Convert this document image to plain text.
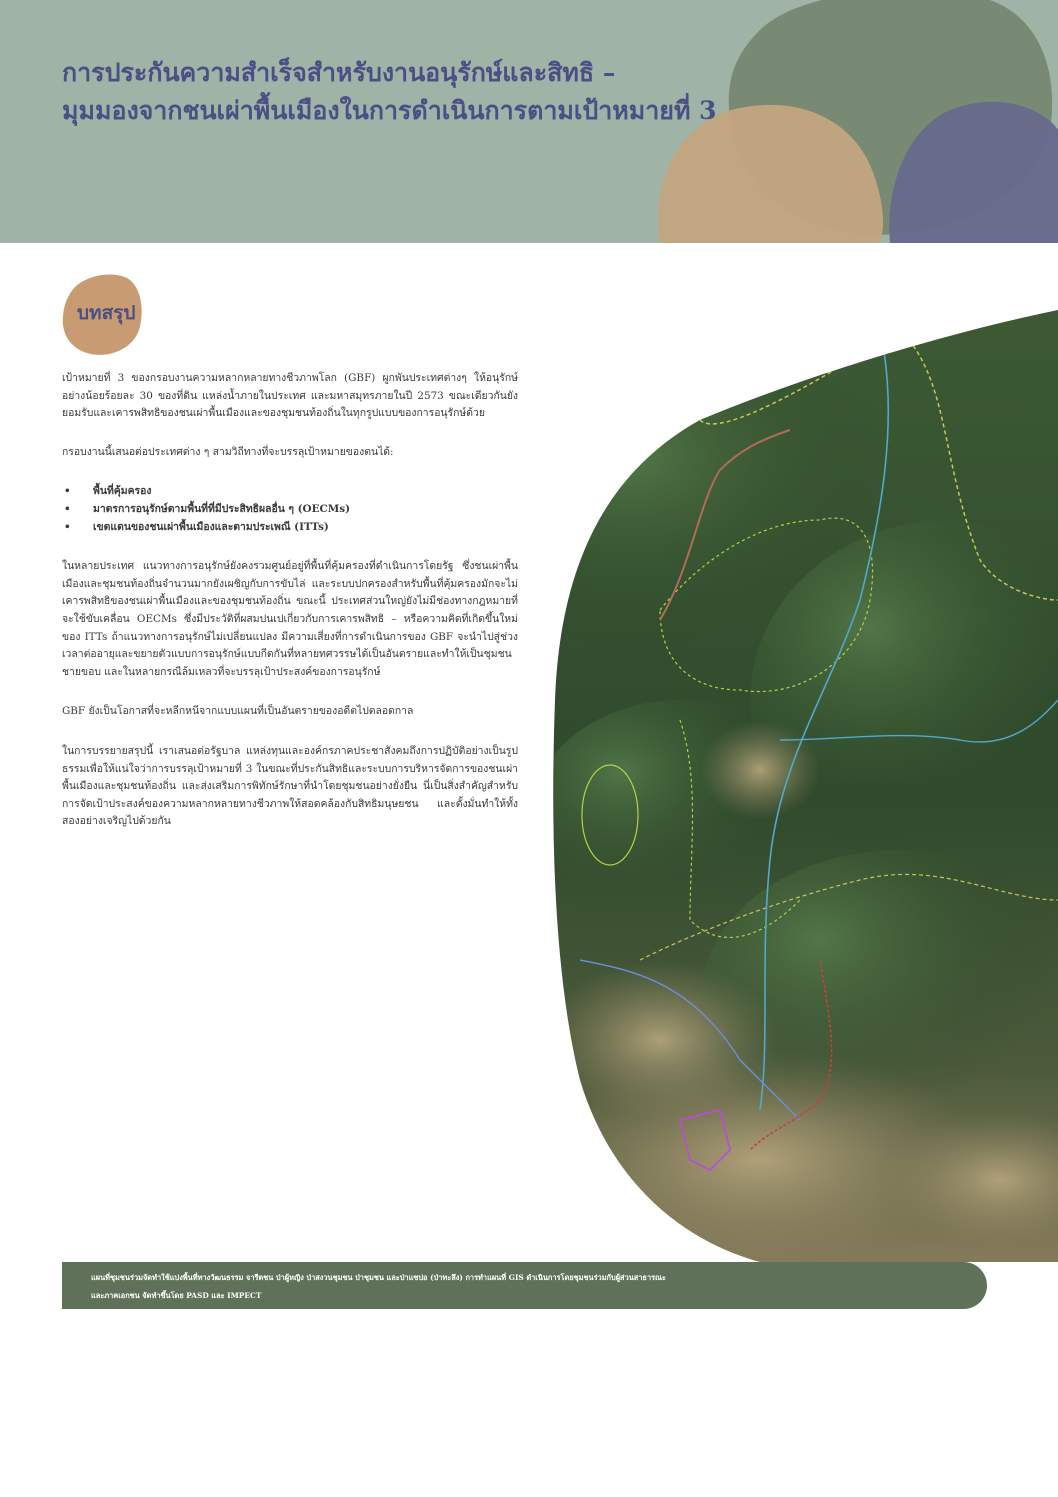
การประกันความสำเร็จสำหรับงานอนุรักษ์และสิทธิ –
มุมมองจากชนเผ่าพื้นเมืองในการดำเนินการตามเป้าหมายที่ 3
บทสรุป

เป้าหมายที่ 3 ของกรอบงานความหลากหลายทางชีวภาพโลก (GBF) ผูกพันประเทศต่างๆ ให้อนุรักษ์อย่างน้อยร้อยละ 30 ของที่ดิน แหล่งน้ำภายในประเทศ และมหาสมุทรภายในปี 2573 ขณะเดียวกันยังยอมรับและเคารพสิทธิของชนเผ่าพื้นเมืองและของชุมชนท้องถิ่นในทุกรูปแบบของการอนุรักษ์ด้วย

กรอบงานนี้เสนอต่อประเทศต่าง ๆ สามวิถีทางที่จะบรรลุเป้าหมายของตนได้:

• พื้นที่คุ้มครอง
• มาตรการอนุรักษ์ตามพื้นที่ที่มีประสิทธิผลอื่น ๆ (OECMs)
• เขตแดนของชนเผ่าพื้นเมืองและตามประเพณี (ITTs)

ในหลายประเทศ แนวทางการอนุรักษ์ยังคงรวมศูนย์อยู่ที่พื้นที่คุ้มครองที่ดำเนินการโดยรัฐ ซึ่งชนเผ่าพื้นเมืองและชุมชนท้องถิ่นจำนวนมากยังเผชิญกับการขับไล่ และระบบปกครองสำหรับพื้นที่คุ้มครองมักจะไม่เคารพสิทธิของชนเผ่าพื้นเมืองและของชุมชนท้องถิ่น ขณะนี้ ประเทศส่วนใหญ่ยังไม่มีช่องทางกฎหมายที่จะใช้ขับเคลื่อน OECMs ซึ่งมีประวัติที่ผสมปนเปเกี่ยวกับการเคารพสิทธิ – หรือความคิดที่เกิดขึ้นใหม่ของ ITTs ถ้าแนวทางการอนุรักษ์ไม่เปลี่ยนแปลง มีความเสี่ยงที่การดำเนินการของ GBF จะนำไปสู่ช่วงเวลาต่ออายุและขยายตัวแบบการอนุรักษ์แบบกีดกันที่หลายทศวรรษได้เป็นอันตรายและทำให้เป็นชุมชนชายขอบ และในหลายกรณีล้มเหลวที่จะบรรลุเป้าประสงค์ของการอนุรักษ์

GBF ยังเป็นโอกาสที่จะหลีกหนีจากแบบแผนที่เป็นอันตรายของอดีตไปตลอดกาล

ในการบรรยายสรุปนี้ เราเสนอต่อรัฐบาล แหล่งทุนและองค์กรภาคประชาสังคมถึงการปฏิบัติอย่างเป็นรูปธรรมเพื่อให้แน่ใจว่าการบรรลุเป้าหมายที่ 3 ในขณะที่ประกันสิทธิและระบบการบริหารจัดการของชนเผ่าพื้นเมืองและชุมชนท้องถิ่น และส่งเสริมการพิทักษ์รักษาที่นำโดยชุมชนอย่างยั่งยืน นี่เป็นสิ่งสำคัญสำหรับการจัดเป้าประสงค์ของความหลากหลายทางชีวภาพให้สอดคล้องกับสิทธิมนุษยชน และตั้งมั่นทำให้ทั้งสองอย่างเจริญไปด้วยกัน

แผนที่ชุมชนร่วมจัดทำใช้แบ่งพื้นที่ทางวัฒนธรรม จารีตชน ป่าผู้หญิง ป่าสงวนชุมชน ป่าชุมชน และป่าแซปอ (ป่าทะลึง) การทำแผนที่ GIS ดำเนินการโดยชุมชนร่วมกับผู้ส่วนสาธารณะ
และภาคเอกชน จัดทำขึ้นโดย PASD และ IMPECT
